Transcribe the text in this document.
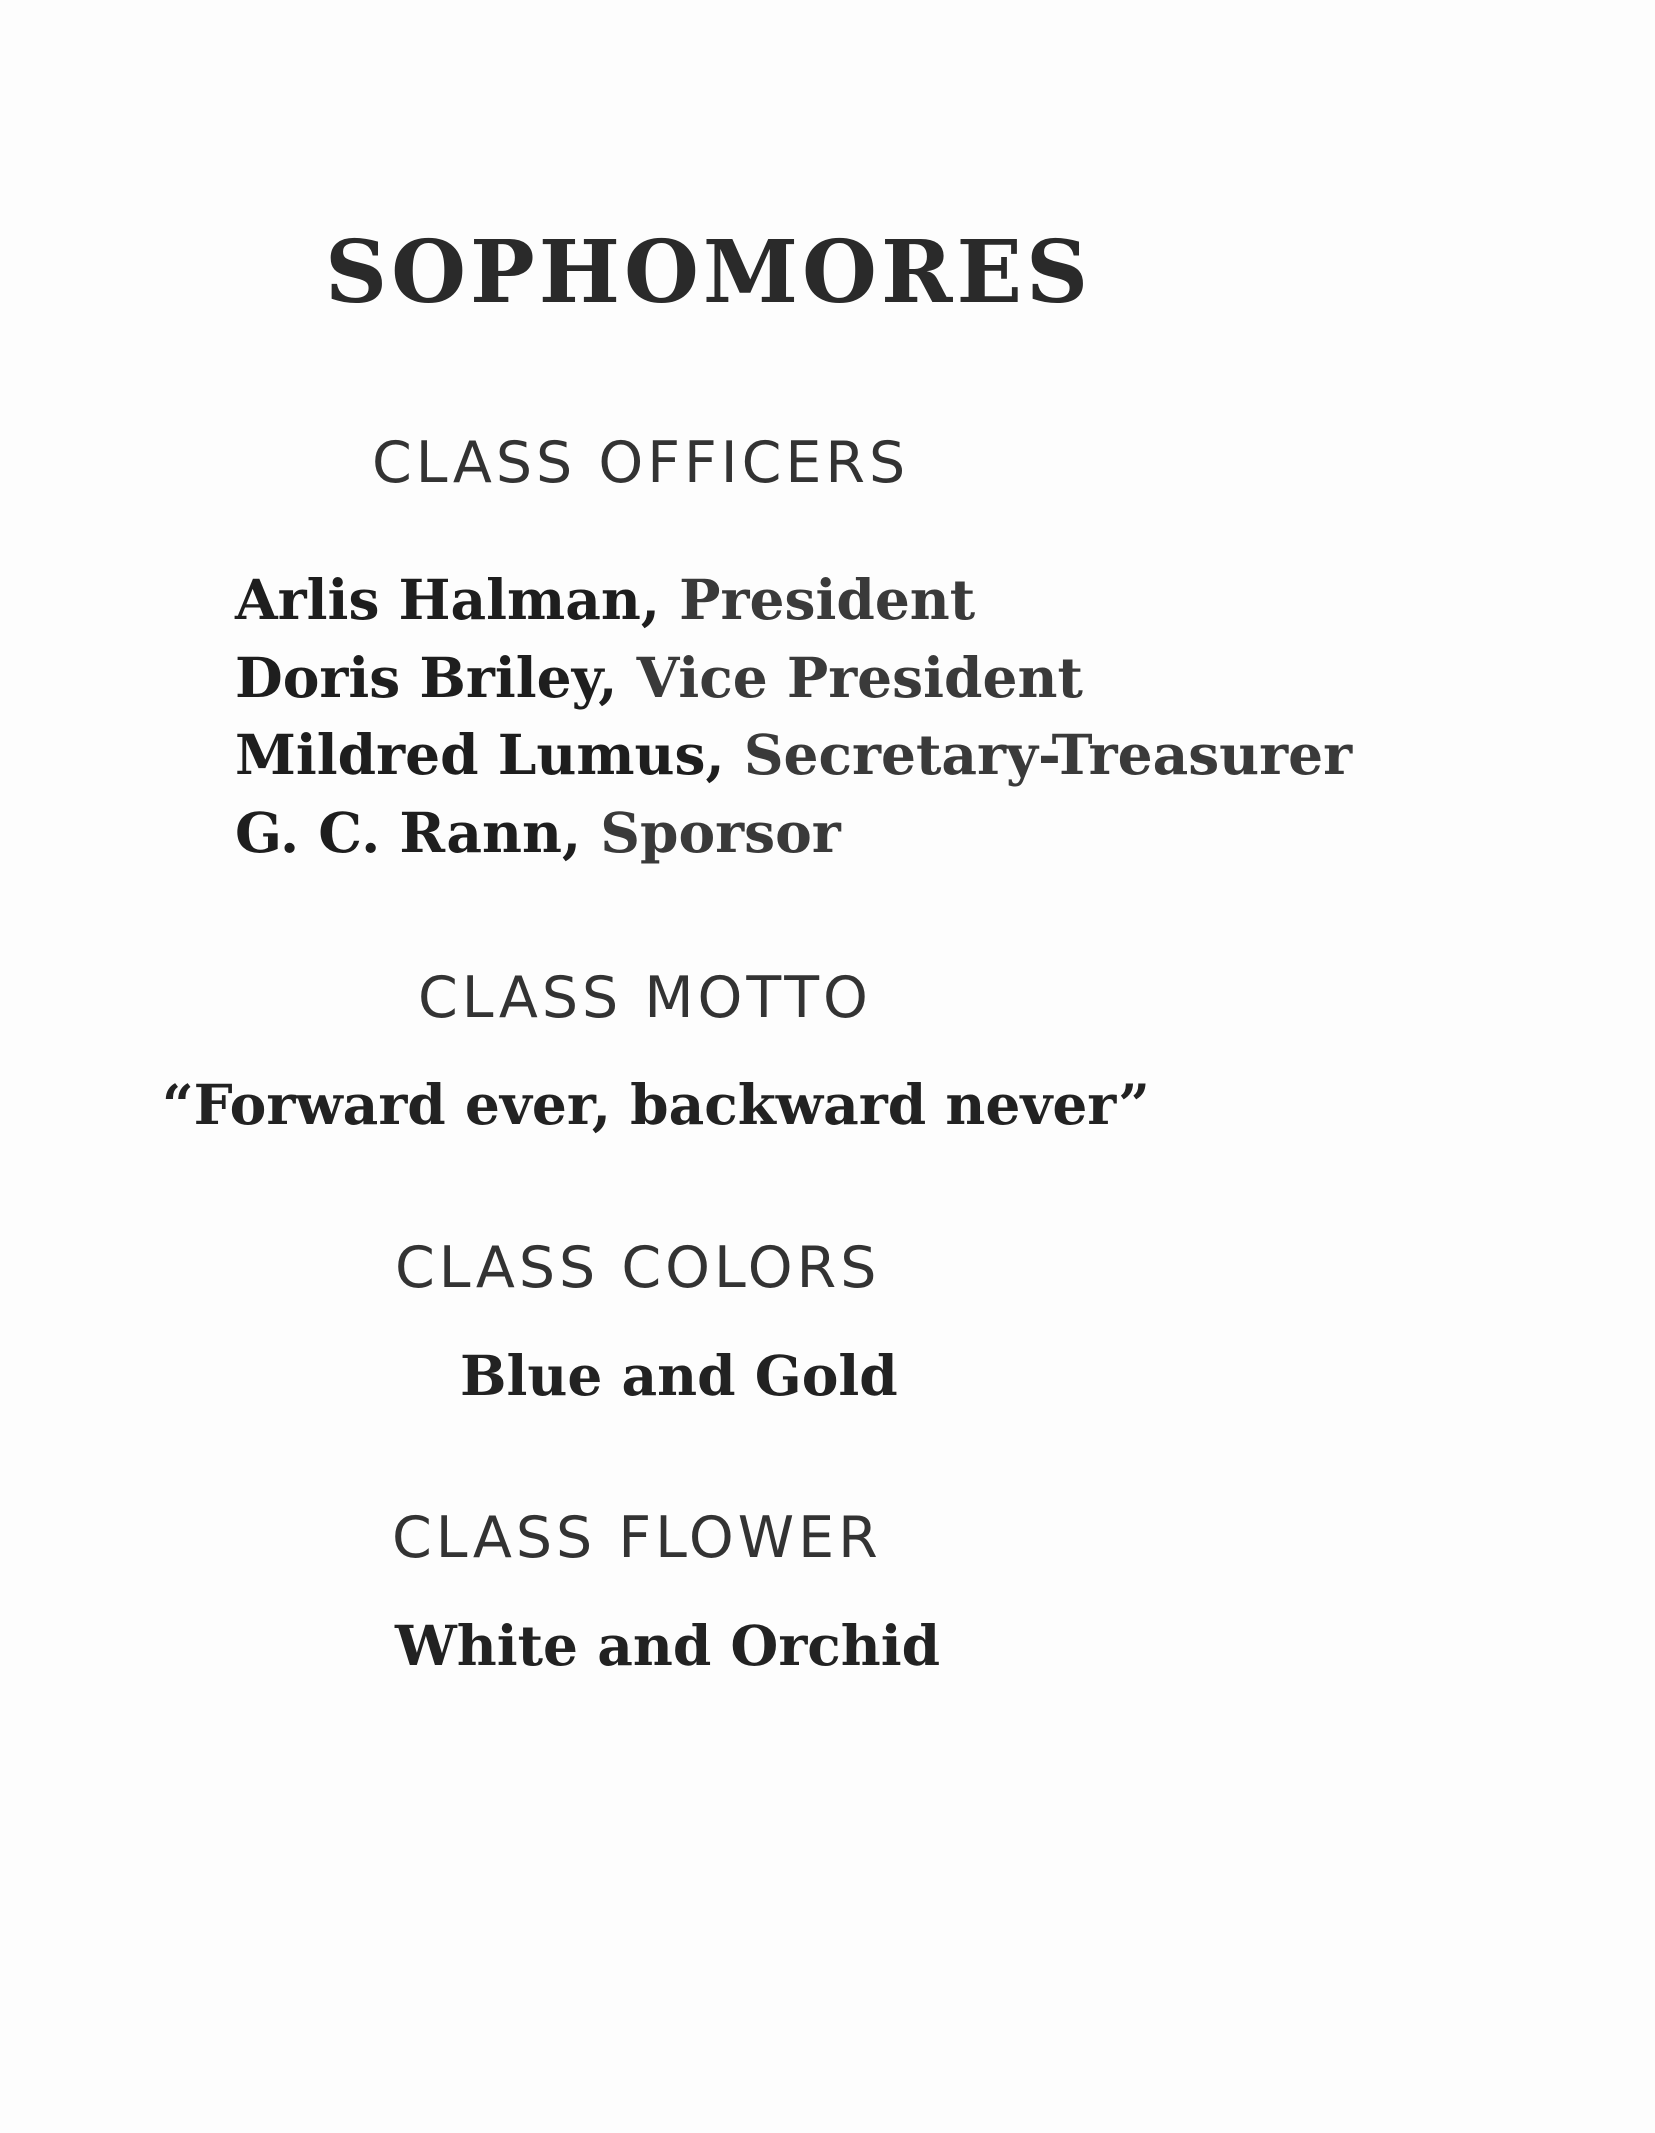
SOPHOMORES
CLASS OFFICERS
Arlis Halman, President
Doris Briley, Vice President
Mildred Lumus, Secretary-Treasurer
G. C. Rann, Sporsor
CLASS MOTTO
“Forward ever, backward never”
CLASS COLORS
Blue and Gold
CLASS FLOWER
White and Orchid
